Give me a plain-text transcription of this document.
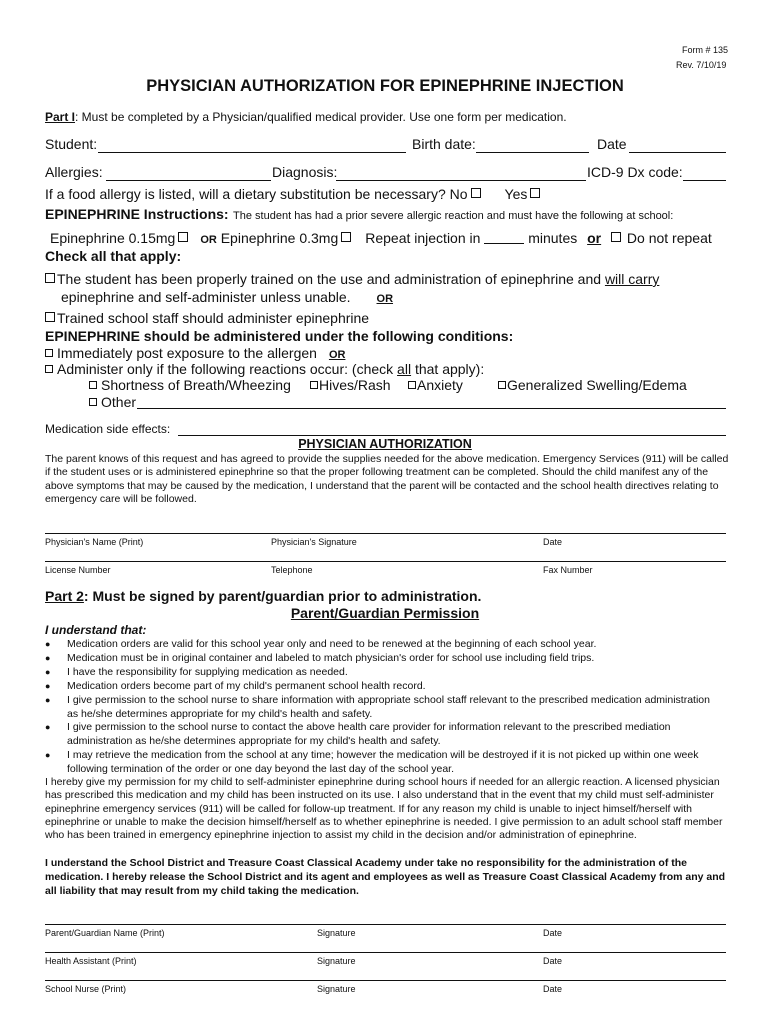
Form # 135
Rev. 7/10/19
PHYSICIAN AUTHORIZATION FOR EPINEPHRINE INJECTION
Part I: Must be completed by a Physician/qualified medical provider. Use one form per medication.
Student:	Birth date:	Date
Allergies:	Diagnosis:	ICD-9 Dx code:
If a food allergy is listed, will a dietary substitution be necessary? No	Yes
EPINEPHRINE Instructions: The student has had a prior severe allergic reaction and must have the following at school:
Epinephrine 0.15mg OR Epinephrine 0.3mg Repeat injection in	minutes or Do not repeat
Check all that apply:
The student has been properly trained on the use and administration of epinephrine and will carry
epinephrine and self-administer unless unable. OR
Trained school staff should administer epinephrine
EPINEPHRINE should be administered under the following conditions:
Immediately post exposure to the allergen OR
Administer only if the following reactions occur: (check all that apply):
Shortness of Breath/Wheezing	Hives/Rash	Anxiety	Generalized Swelling/Edema
Other
Medication side effects:
PHYSICIAN AUTHORIZATION
The parent knows of this request and has agreed to provide the supplies needed for the above medication. Emergency Services (911) will be called if the student uses or is administered epinephrine so that the proper following treatment can be completed. Should the child manifest any of the above symptoms that may be caused by the medication, I understand that the parent will be contacted and the school health directives relating to emergency care will be followed.
Physician's Name (Print)	Physician's Signature	Date
License Number	Telephone	Fax Number
Part 2: Must be signed by parent/guardian prior to administration.
Parent/Guardian Permission
I understand that:
● Medication orders are valid for this school year only and need to be renewed at the beginning of each school year.
● Medication must be in original container and labeled to match physician's order for school use including field trips.
● I have the responsibility for supplying medication as needed.
● Medication orders become part of my child's permanent school health record.
● I give permission to the school nurse to share information with appropriate school staff relevant to the prescribed medication administration as he/she determines appropriate for my child's health and safety.
● I give permission to the school nurse to contact the above health care provider for information relevant to the prescribed mediation administration as he/she determines appropriate for my child's health and safety.
● I may retrieve the medication from the school at any time; however the medication will be destroyed if it is not picked up within one week following termination of the order or one day beyond the last day of the school year.
I hereby give my permission for my child to self-administer epinephrine during school hours if needed for an allergic reaction. A licensed physician has prescribed this medication and my child has been instructed on its use. I also understand that in the event that my child must self-administer epinephrine emergency services (911) will be called for follow-up treatment. If for any reason my child is unable to inject himself/herself with epinephrine or unable to make the decision himself/herself as to whether epinephrine is needed. I give permission to an adult school staff member who has been trained in emergency epinephrine injection to assist my child in the decision and/or administration of epinephrine.
I understand the School District and Treasure Coast Classical Academy under take no responsibility for the administration of the medication. I hereby release the School District and its agent and employees as well as Treasure Coast Classical Academy from any and all liability that may result from my child taking the medication.
Parent/Guardian Name (Print)	Signature	Date
Health Assistant (Print)	Signature	Date
School Nurse (Print)	Signature	Date
